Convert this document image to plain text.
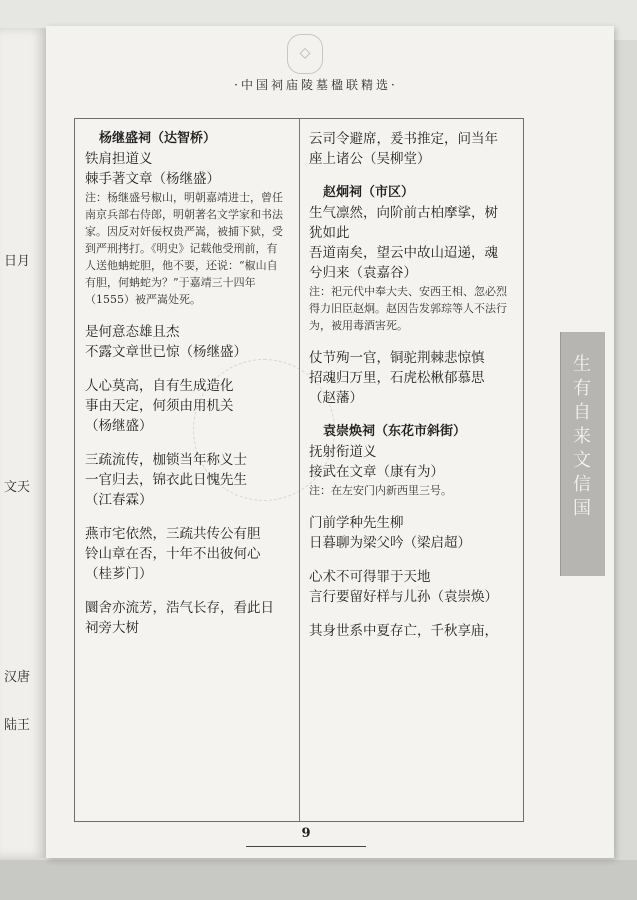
日月
文天
汉唐
陆王
◇
·中国祠庙陵墓楹联精选·
杨继盛祠（达智桥）
铁肩担道义
棘手著文章（杨继盛）
注：杨继盛号椒山，明朝嘉靖进士，曾任南京兵部右侍郎，明朝著名文学家和书法家。因反对奸佞权贵严嵩，被捕下狱，受到严刑拷打。《明史》记载他受刑前，有人送他蚺蛇胆，他不要，还说：“椒山自有胆，何蚺蛇为？”于嘉靖三十四年（1555）被严嵩处死。
是何意态雄且杰
不露文章世已惊（杨继盛）
人心莫高，自有生成造化
事由天定，何须由用机关
（杨继盛）
三疏流传，枷锁当年称义士
一官归去，锦衣此日愧先生
（江春霖）
燕市宅依然，三疏共传公有胆
铃山章在否，十年不出彼何心
（桂芗门）
圜舍亦流芳，浩气长存，看此日祠旁大树
云司令避席，爰书推定，问当年座上诸公（吴柳堂）
赵炯祠（市区）
生气凛然，向阶前古柏摩挲，树犹如此
吾道南矣，望云中故山迢递，魂兮归来（袁嘉谷）
注：祀元代中奉大夫、安西王相、忽必烈得力旧臣赵炯。赵因告发郭琮等人不法行为，被用毒酒害死。
仗节殉一官，铜驼荆棘悲惊慎
招魂归万里，石虎松楸郁慕思
（赵藩）
袁崇焕祠（东花市斜街）
抚射衔道义
接武在文章（康有为）
注：在左安门内新西里三号。
门前学种先生柳
日暮聊为梁父吟（梁启超）
心术不可得罪于天地
言行要留好样与儿孙（袁崇焕）
其身世系中夏存亡，千秋享庙，
生有自来文信国
9
